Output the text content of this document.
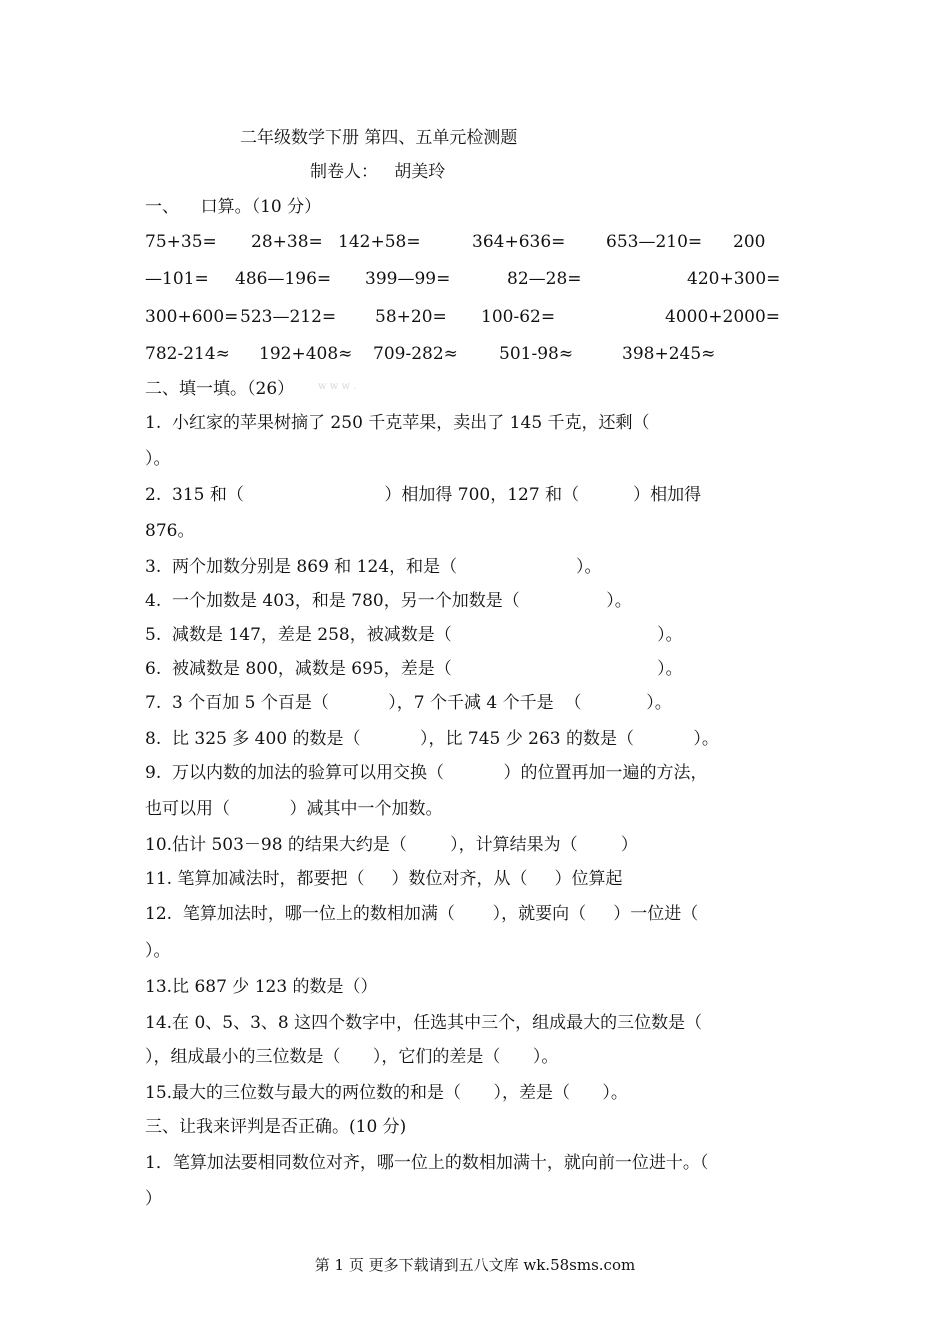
二年级数学下册 第四、五单元检测题
制卷人：   胡美玲
一、    口算。（10 分）
75+35= 28+38= 142+58=	364+636= 653—210= 200
—101= 486—196= 399—99=	82—28=	420+300=
300+600= 523—212= 58+20= 100-62=	4000+2000=
782-214≈ 192+408≈ 709-282≈ 501-98≈	398+245≈
二、填一填。（26） w w w .
1.  小红家的苹果树摘了 250 千克苹果，卖出了 145 千克，还剩（
）。
2.  315 和（                          ）相加得 700，127 和（          ）相加得
876。
3.  两个加数分别是 869 和 124，和是（                      ）。
4.  一个加数是 403，和是 780，另一个加数是（                ）。
5.  减数是 147，差是 258，被减数是（                                      ）。
6.  被减数是 800，减数是 695，差是（                                      ）。
7.  3 个百加 5 个百是（           ），7 个千减 4 个千是  （            ）。
8.  比 325 多 400 的数是（           ），比 745 少 263 的数是（           ）。
9.  万以内数的加法的验算可以用交换（           ）的位置再加一遍的方法，
也可以用（           ）减其中一个加数。
10.估计 503－98 的结果大约是（        ），计算结果为（        ）
11. 笔算加减法时，都要把（     ）数位对齐，从（     ）位算起
12.  笔算加法时，哪一位上的数相加满（       ），就要向（     ）一位进（
）。
13.比 687 少 123 的数是（）
14.在 0、5、3、8 这四个数字中，任选其中三个，组成最大的三位数是（
），组成最小的三位数是（      ），它们的差是（      ）。
15.最大的三位数与最大的两位数的和是（      ），差是（      ）。
三、让我来评判是否正确。(10 分)
1．笔算加法要相同数位对齐，哪一位上的数相加满十，就向前一位进十。（
）
第 1 页 更多下载请到五八文库 wk.58sms.com
